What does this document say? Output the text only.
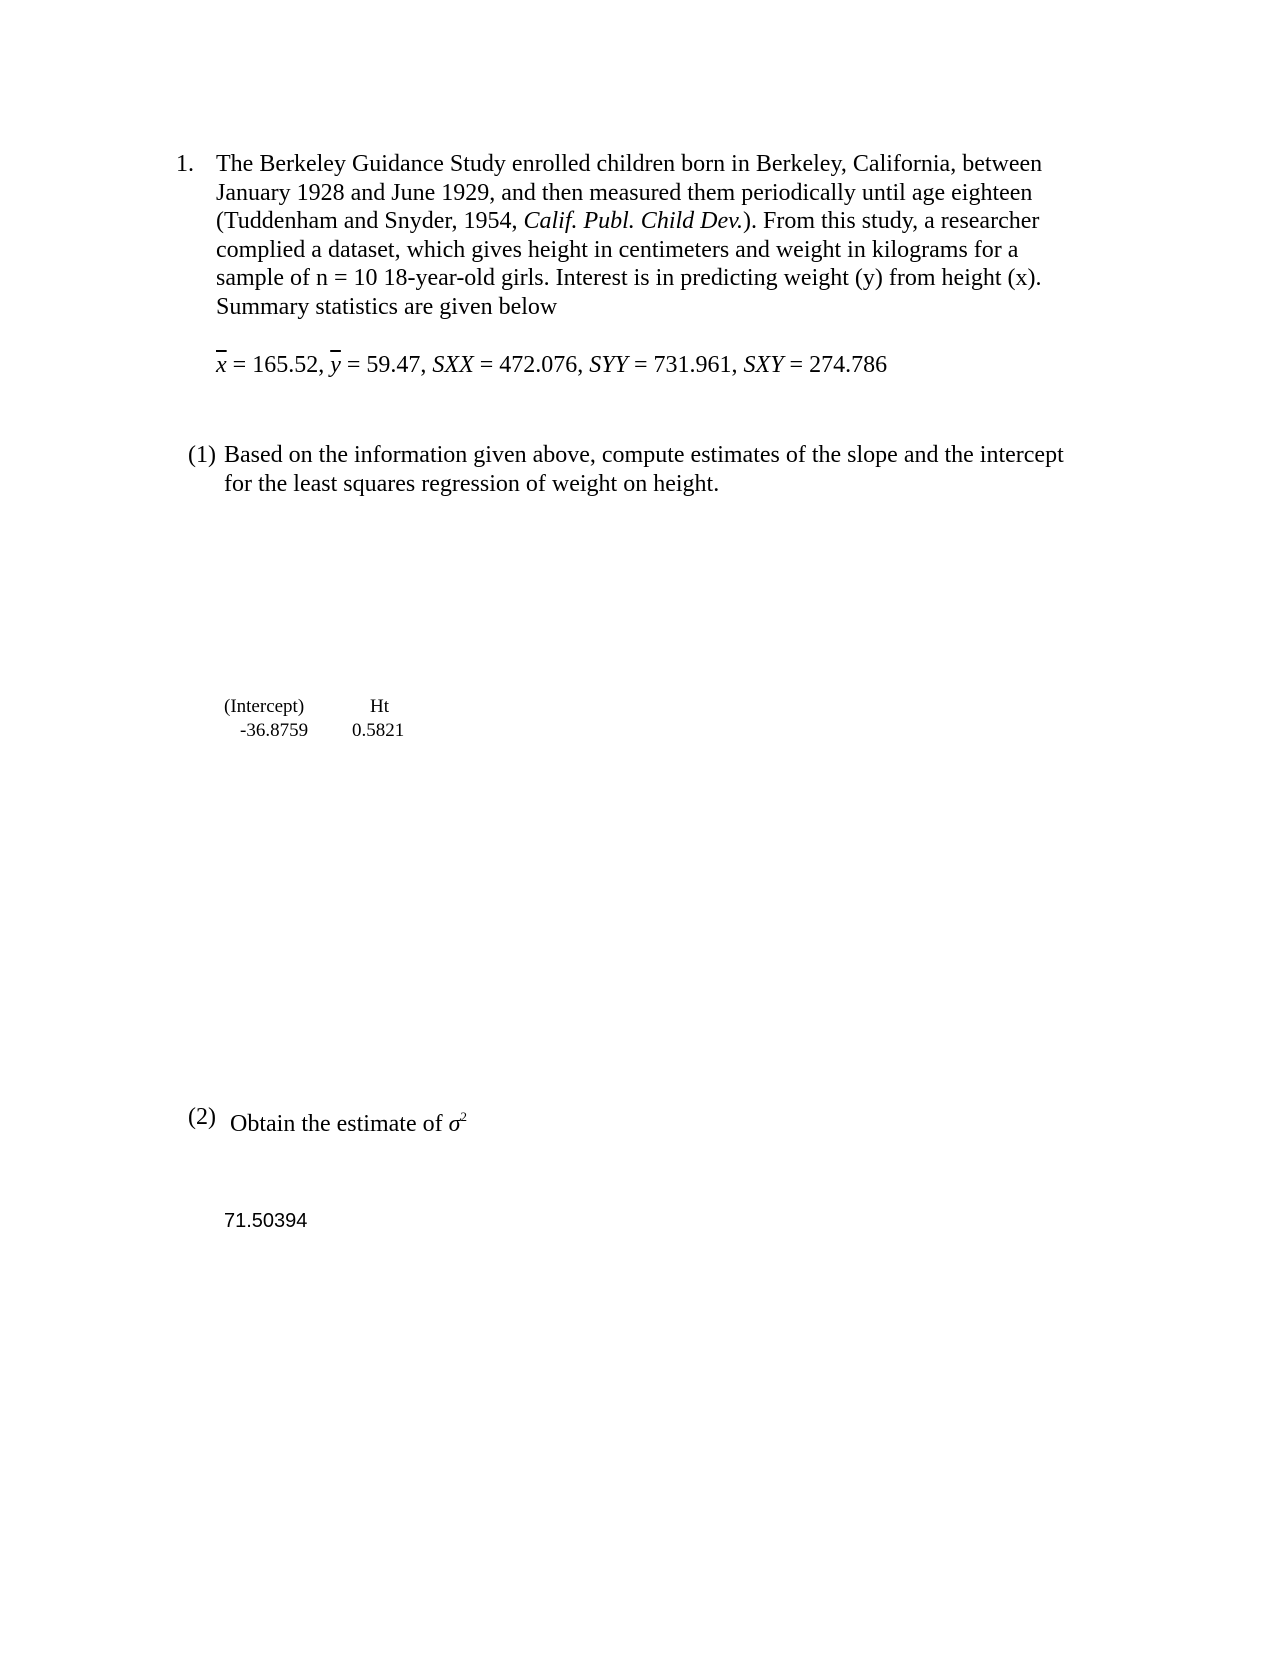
1. The Berkeley Guidance Study enrolled children born in Berkeley, California, between
January 1928 and June 1929, and then measured them periodically until age eighteen
(Tuddenham and Snyder, 1954, Calif. Publ. Child Dev.). From this study, a researcher
complied a dataset, which gives height in centimeters and weight in kilograms for a
sample of n = 10 18-year-old girls. Interest is in predicting weight (y) from height (x).
Summary statistics are given below
$\overline{x} = 165.52$, $\overline{y} = 59.47$, SXX = 472.076, SYY = 731.961, SXY = 274.786
(1) Based on the information given above, compute estimates of the slope and the intercept
for the least squares regression of weight on height.
(Intercept)	Ht
-36.8759 0.5821
(2) Obtain the estimate of $\sigma^2$
71.50394
